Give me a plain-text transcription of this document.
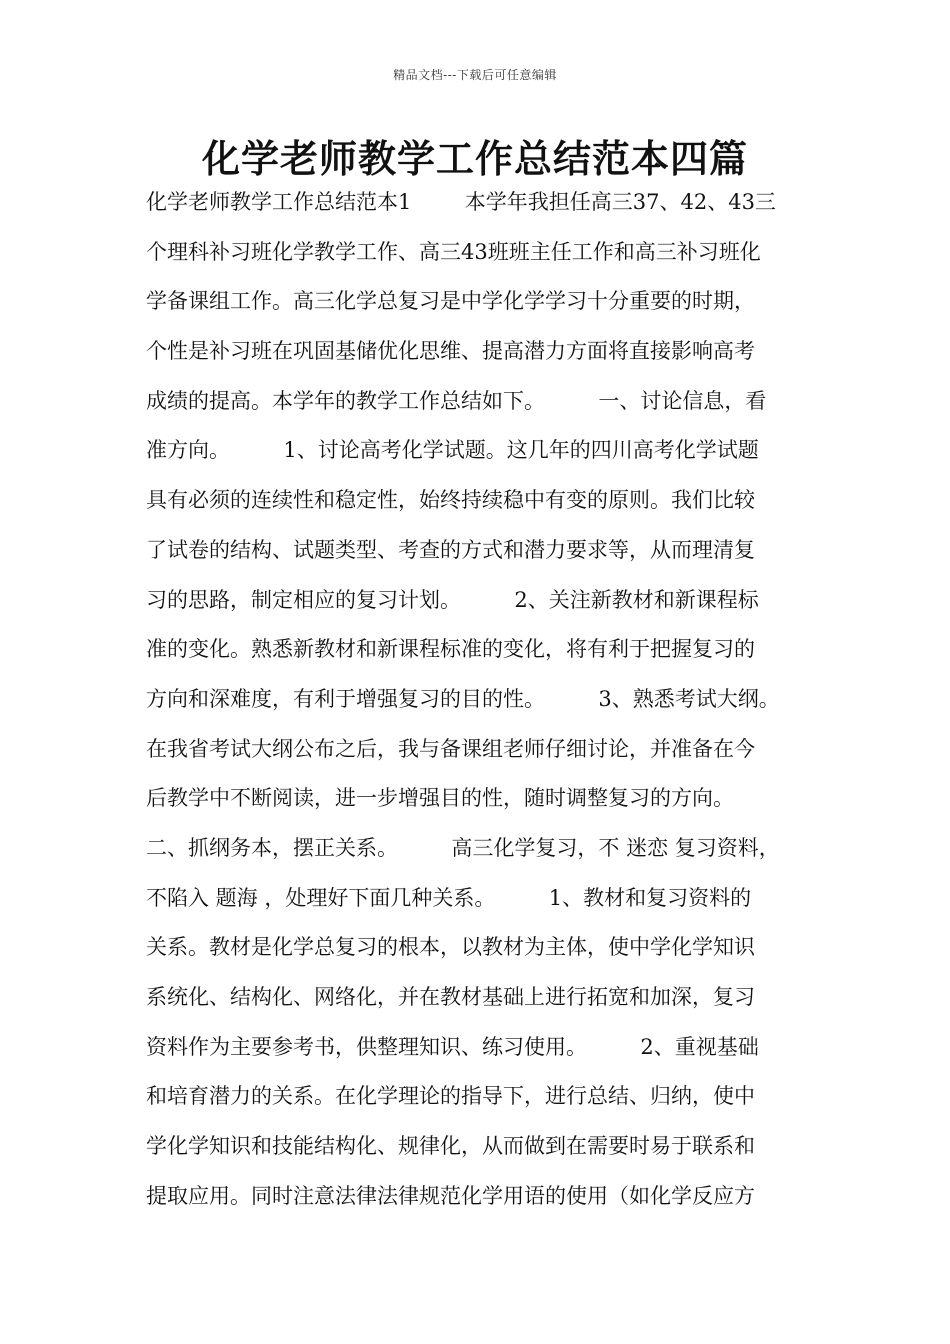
精品文档---下载后可任意编辑
化学老师教学工作总结范本四篇
化学老师教学工作总结范本1        本学年我担任高三37、42、43三
个理科补习班化学教学工作、高三43班班主任工作和高三补习班化
学备课组工作。高三化学总复习是中学化学学习十分重要的时期，
个性是补习班在巩固基储优化思维、提高潜力方面将直接影响高考
成绩的提高。本学年的教学工作总结如下。        一、讨论信息，看
准方向。        1、讨论高考化学试题。这几年的四川高考化学试题
具有必须的连续性和稳定性，始终持续稳中有变的原则。我们比较
了试卷的结构、试题类型、考查的方式和潜力要求等，从而理清复
习的思路，制定相应的复习计划。        2、关注新教材和新课程标
准的变化。熟悉新教材和新课程标准的变化，将有利于把握复习的
方向和深难度，有利于增强复习的目的性。        3、熟悉考试大纲。
在我省考试大纲公布之后，我与备课组老师仔细讨论，并准备在今
后教学中不断阅读，进一步增强目的性，随时调整复习的方向。
二、抓纲务本，摆正关系。        高三化学复习，不 迷恋 复习资料，
不陷入 题海 ，处理好下面几种关系。        1、教材和复习资料的
关系。教材是化学总复习的根本，以教材为主体，使中学化学知识
系统化、结构化、网络化，并在教材基础上进行拓宽和加深，复习
资料作为主要参考书，供整理知识、练习使用。        2、重视基础
和培育潜力的关系。在化学理论的指导下，进行总结、归纳，使中
学化学知识和技能结构化、规律化，从而做到在需要时易于联系和
提取应用。同时注意法律法律规范化学用语的使用（如化学反应方
